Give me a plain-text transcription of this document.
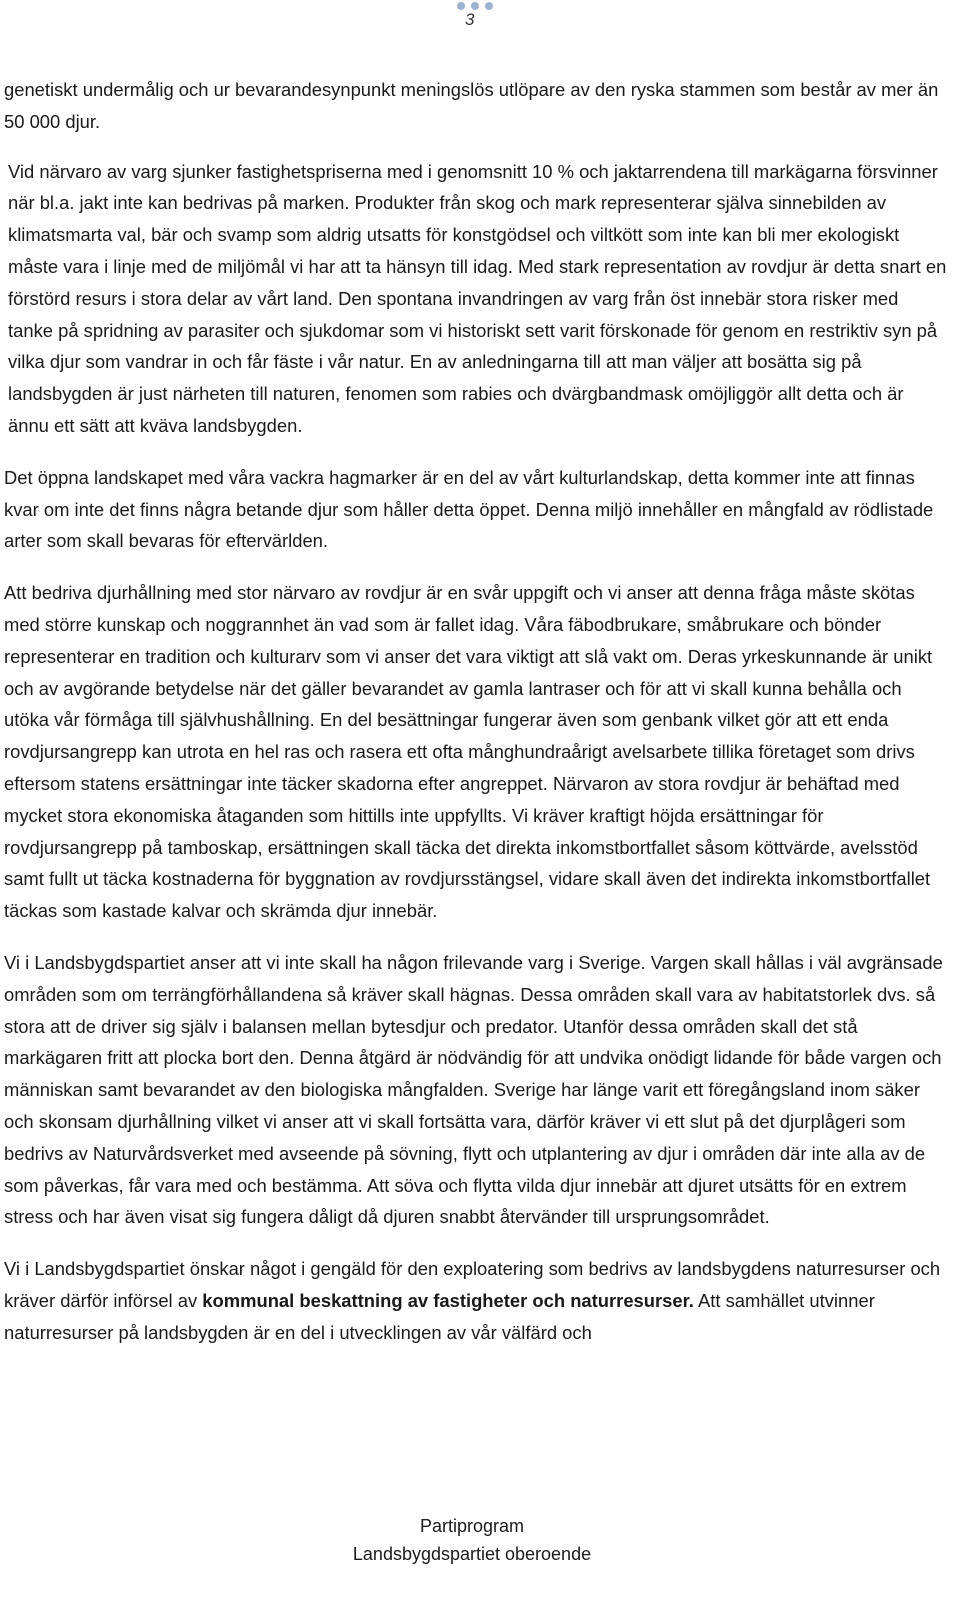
3

genetiskt undermålig och ur bevarandesynpunkt meningslös utlöpare av den ryska stammen som består av mer än 50 000 djur.

Vid närvaro av varg sjunker fastighetspriserna med i genomsnitt 10 % och jaktarrendena till markägarna försvinner när bl.a. jakt inte kan bedrivas på marken. Produkter från skog och mark representerar själva sinnebilden av klimatsmarta val, bär och svamp som aldrig utsatts för konstgödsel och viltkött som inte kan bli mer ekologiskt måste vara i linje med de miljömål vi har att ta hänsyn till idag. Med stark representation av rovdjur är detta snart en förstörd resurs i stora delar av vårt land. Den spontana invandringen av varg från öst innebär stora risker med tanke på spridning av parasiter och sjukdomar som vi historiskt sett varit förskonade för genom en restriktiv syn på vilka djur som vandrar in och får fäste i vår natur. En av anledningarna till att man väljer att bosätta sig på landsbygden är just närheten till naturen, fenomen som rabies och dvärgbandmask omöjliggör allt detta och är ännu ett sätt att kväva landsbygden.

Det öppna landskapet med våra vackra hagmarker är en del av vårt kulturlandskap, detta kommer inte att finnas kvar om inte det finns några betande djur som håller detta öppet. Denna miljö innehåller en mångfald av rödlistade arter som skall bevaras för eftervärlden.

Att bedriva djurhållning med stor närvaro av rovdjur är en svår uppgift och vi anser att denna fråga måste skötas med större kunskap och noggrannhet än vad som är fallet idag. Våra fäbodbrukare, småbrukare och bönder representerar en tradition och kulturarv som vi anser det vara viktigt att slå vakt om. Deras yrkeskunnande är unikt och av avgörande betydelse när det gäller bevarandet av gamla lantraser och för att vi skall kunna behålla och utöka vår förmåga till självhushållning. En del besättningar fungerar även som genbank vilket gör att ett enda rovdjursangrepp kan utrota en hel ras och rasera ett ofta månghundraårigt avelsarbete tillika företaget som drivs eftersom statens ersättningar inte täcker skadorna efter angreppet. Närvaron av stora rovdjur är behäftad med mycket stora ekonomiska åtaganden som hittills inte uppfyllts. Vi kräver kraftigt höjda ersättningar för rovdjursangrepp på tamboskap, ersättningen skall täcka det direkta inkomstbortfallet såsom köttvärde, avelsstöd samt fullt ut täcka kostnaderna för byggnation av rovdjursstängsel, vidare skall även det indirekta inkomstbortfallet täckas som kastade kalvar och skrämda djur innebär.

Vi i Landsbygdspartiet anser att vi inte skall ha någon frilevande varg i Sverige. Vargen skall hållas i väl avgränsade områden som om terrängförhållandena så kräver skall hägnas. Dessa områden skall vara av habitatstorlek dvs. så stora att de driver sig själv i balansen mellan bytesdjur och predator. Utanför dessa områden skall det stå markägaren fritt att plocka bort den. Denna åtgärd är nödvändig för att undvika onödigt lidande för både vargen och människan samt bevarandet av den biologiska mångfalden. Sverige har länge varit ett föregångsland inom säker och skonsam djurhållning vilket vi anser att vi skall fortsätta vara, därför kräver vi ett slut på det djurplågeri som bedrivs av Naturvårdsverket med avseende på sövning, flytt och utplantering av djur i områden där inte alla av de som påverkas, får vara med och bestämma. Att söva och flytta vilda djur innebär att djuret utsätts för en extrem stress och har även visat sig fungera dåligt då djuren snabbt återvänder till ursprungsområdet.

Vi i Landsbygdspartiet önskar något i gengäld för den exploatering som bedrivs av landsbygdens naturresurser och kräver därför införsel av kommunal beskattning av fastigheter och naturresurser. Att samhället utvinner naturresurser på landsbygden är en del i utvecklingen av vår välfärd och

Partiprogram
Landsbygdspartiet oberoende
